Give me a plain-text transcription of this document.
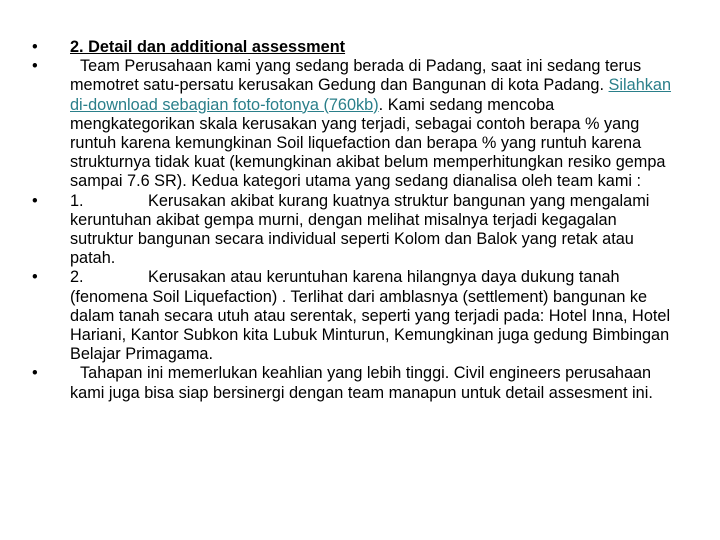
•	2. Detail dan additional assessment
•	Team Perusahaan kami yang sedang berada di Padang, saat ini sedang terus memotret satu-persatu kerusakan Gedung dan Bangunan di kota Padang. Silahkan di-download sebagian foto-fotonya (760kb). Kami sedang mencoba mengkategorikan skala kerusakan yang terjadi, sebagai contoh berapa % yang runtuh karena kemungkinan Soil liquefaction dan berapa % yang runtuh karena strukturnya tidak kuat (kemungkinan akibat belum memperhitungkan resiko gempa sampai 7.6 SR). Kedua kategori utama yang sedang dianalisa oleh team kami :
•	1.	Kerusakan akibat kurang kuatnya struktur bangunan yang mengalami keruntuhan akibat gempa murni, dengan melihat misalnya terjadi kegagalan sutruktur bangunan secara individual seperti Kolom dan Balok yang retak atau patah.
•	2.	Kerusakan atau keruntuhan karena hilangnya daya dukung tanah (fenomena Soil Liquefaction) . Terlihat dari amblasnya (settlement) bangunan ke dalam tanah secara utuh atau serentak, seperti yang terjadi pada: Hotel Inna, Hotel Hariani, Kantor Subkon kita Lubuk Minturun, Kemungkinan juga gedung Bimbingan Belajar Primagama.
•	Tahapan ini memerlukan keahlian yang lebih tinggi. Civil engineers perusahaan kami juga bisa siap bersinergi dengan team manapun untuk detail assesment ini.
